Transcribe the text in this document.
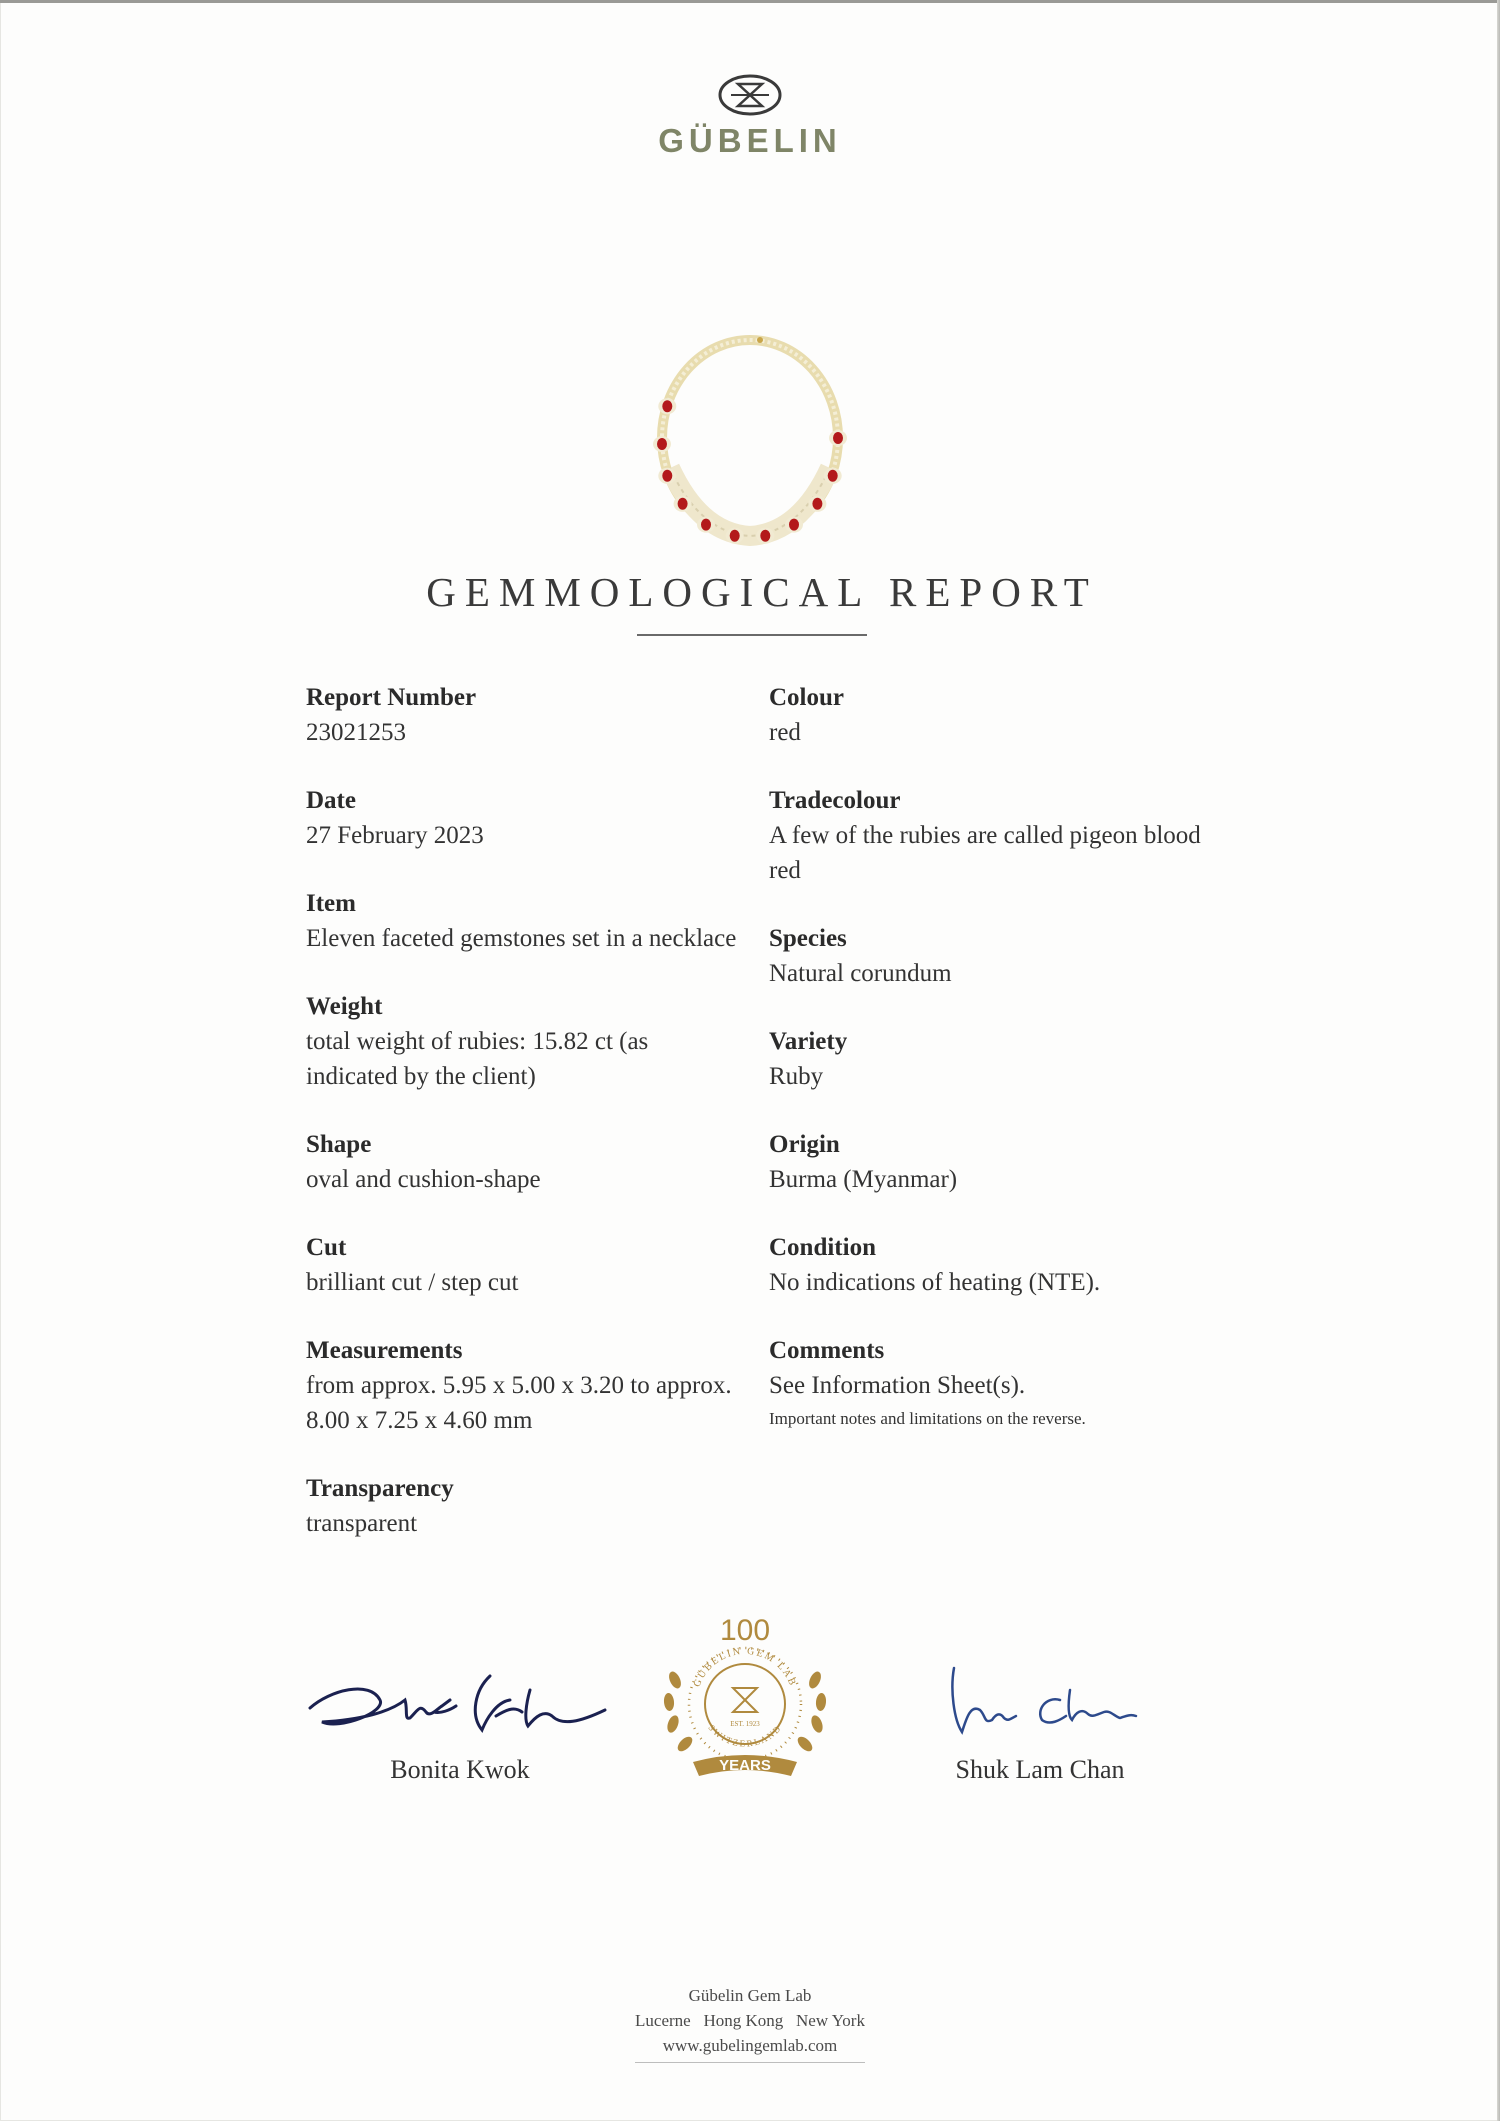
GÜBELIN
GEMMOLOGICAL REPORT
Report Number
23021253
Date
27 February 2023
Item
Eleven faceted gemstones set in a necklace
Weight
total weight of rubies: 15.82 ct (as indicated by the client)
Shape
oval and cushion-shape
Cut
brilliant cut / step cut
Measurements
from approx. 5.95 x 5.00 x 3.20 to approx. 8.00 x 7.25 x 4.60 mm
Transparency
transparent
Colour
red
Tradecolour
A few of the rubies are called pigeon blood red
Species
Natural corundum
Variety
Ruby
Origin
Burma (Myanmar)
Condition
No indications of heating (NTE).
Comments
See Information Sheet(s).
Important notes and limitations on the reverse.
Bonita Kwok
100
GÜBELIN GEM LAB
SWITZERLAND
EST. 1923
YEARS	Shuk Lam Chan
Gübelin Gem Lab
Lucerne   Hong Kong   New York
www.gubelingemlab.com
